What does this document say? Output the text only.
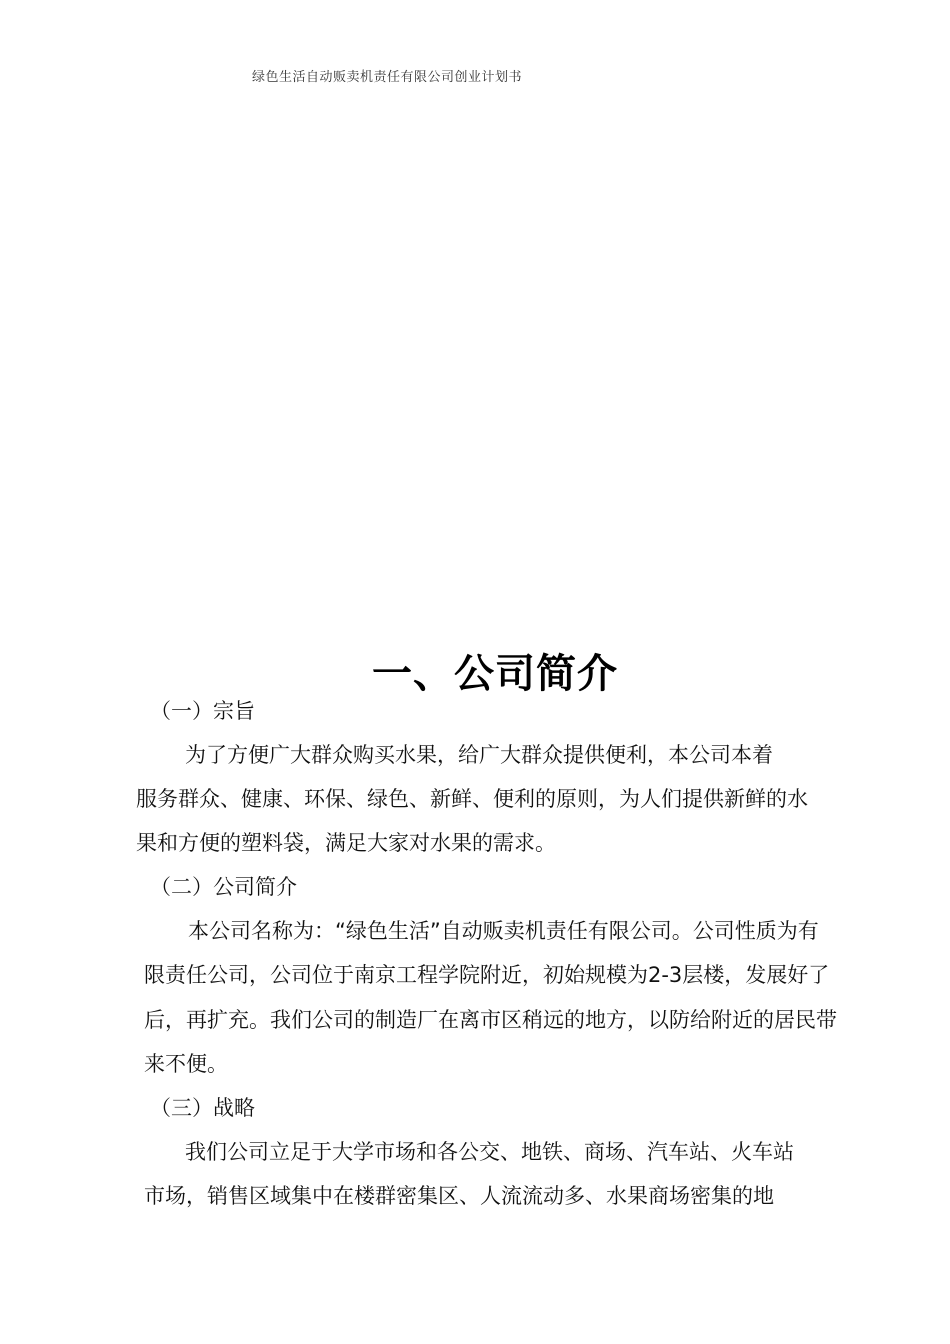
绿色生活自动贩卖机责任有限公司创业计划书
一、公司简介
（一）宗旨
为了方便广大群众购买水果，给广大群众提供便利，本公司本着
服务群众、健康、环保、绿色、新鲜、便利的原则，为人们提供新鲜的水
果和方便的塑料袋，满足大家对水果的需求。
（二）公司简介
本公司名称为：“绿色生活”自动贩卖机责任有限公司。公司性质为有
限责任公司，公司位于南京工程学院附近，初始规模为2-3层楼，发展好了
后，再扩充。我们公司的制造厂在离市区稍远的地方，以防给附近的居民带
来不便。
（三）战略
我们公司立足于大学市场和各公交、地铁、商场、汽车站、火车站
市场，销售区域集中在楼群密集区、人流流动多、水果商场密集的地
